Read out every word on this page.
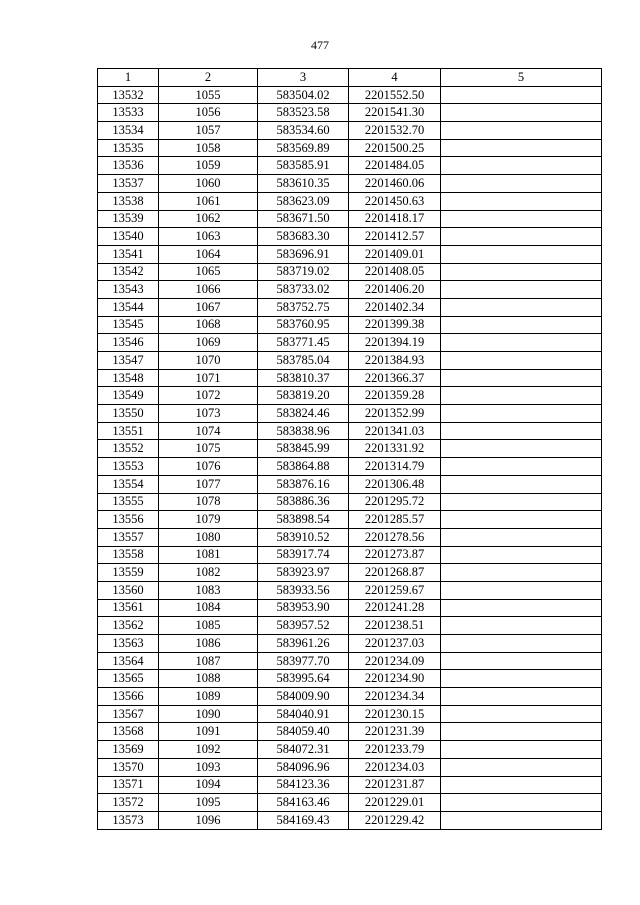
477
1	2	3	4	5
13532	1055	583504.02	2201552.50	
13533	1056	583523.58	2201541.30	
13534	1057	583534.60	2201532.70	
13535	1058	583569.89	2201500.25	
13536	1059	583585.91	2201484.05	
13537	1060	583610.35	2201460.06	
13538	1061	583623.09	2201450.63	
13539	1062	583671.50	2201418.17	
13540	1063	583683.30	2201412.57	
13541	1064	583696.91	2201409.01	
13542	1065	583719.02	2201408.05	
13543	1066	583733.02	2201406.20	
13544	1067	583752.75	2201402.34	
13545	1068	583760.95	2201399.38	
13546	1069	583771.45	2201394.19	
13547	1070	583785.04	2201384.93	
13548	1071	583810.37	2201366.37	
13549	1072	583819.20	2201359.28	
13550	1073	583824.46	2201352.99	
13551	1074	583838.96	2201341.03	
13552	1075	583845.99	2201331.92	
13553	1076	583864.88	2201314.79	
13554	1077	583876.16	2201306.48	
13555	1078	583886.36	2201295.72	
13556	1079	583898.54	2201285.57	
13557	1080	583910.52	2201278.56	
13558	1081	583917.74	2201273.87	
13559	1082	583923.97	2201268.87	
13560	1083	583933.56	2201259.67	
13561	1084	583953.90	2201241.28	
13562	1085	583957.52	2201238.51	
13563	1086	583961.26	2201237.03	
13564	1087	583977.70	2201234.09	
13565	1088	583995.64	2201234.90	
13566	1089	584009.90	2201234.34	
13567	1090	584040.91	2201230.15	
13568	1091	584059.40	2201231.39	
13569	1092	584072.31	2201233.79	
13570	1093	584096.96	2201234.03	
13571	1094	584123.36	2201231.87	
13572	1095	584163.46	2201229.01	
13573	1096	584169.43	2201229.42	
